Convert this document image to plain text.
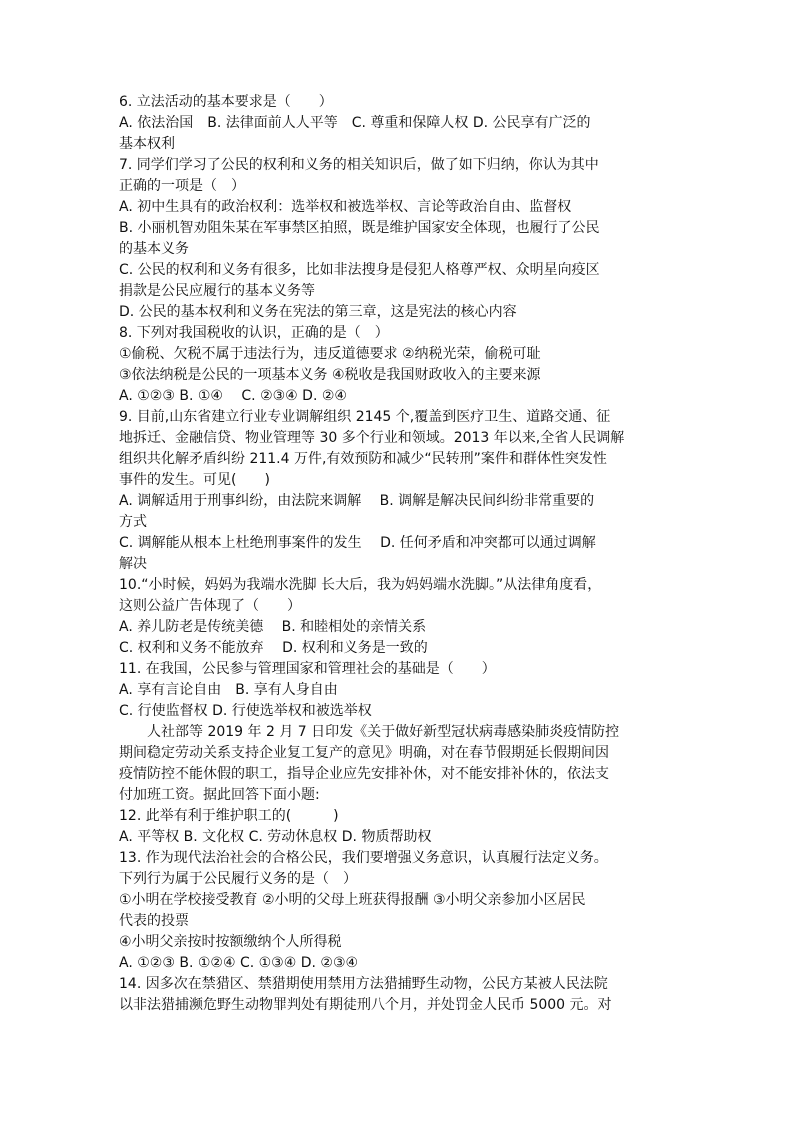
6. 立法活动的基本要求是（　　）
A. 依法治国　B. 法律面前人人平等　C. 尊重和保障人权 D. 公民享有广泛的
基本权利
7. 同学们学习了公民的权利和义务的相关知识后，做了如下归纳，你认为其中
正确的一项是（　）
A. 初中生具有的政治权利：选举权和被选举权、言论等政治自由、监督权
B. 小丽机智劝阻朱某在军事禁区拍照，既是维护国家安全体现，也履行了公民
的基本义务
C. 公民的权利和义务有很多，比如非法搜身是侵犯人格尊严权、众明星向疫区
捐款是公民应履行的基本义务等
D. 公民的基本权利和义务在宪法的第三章，这是宪法的核心内容
8. 下列对我国税收的认识，正确的是（　）
①偷税、欠税不属于违法行为，违反道德要求 ②纳税光荣，偷税可耻
③依法纳税是公民的一项基本义务 ④税收是我国财政收入的主要来源
A. ①②③ B. ①④　 C. ②③④ D. ②④
9. 目前,山东省建立行业专业调解组织 2145 个,覆盖到医疗卫生、道路交通、征
地拆迁、金融信贷、物业管理等 30 多个行业和领域。2013 年以来,全省人民调解
组织共化解矛盾纠纷 211.4 万件,有效预防和减少“民转刑”案件和群体性突发性
事件的发生。可见(　　)
A. 调解适用于刑事纠纷，由法院来调解　 B. 调解是解决民间纠纷非常重要的
方式
C. 调解能从根本上杜绝刑事案件的发生　 D. 任何矛盾和冲突都可以通过调解
解决
10.“小时候，妈妈为我端水洗脚 长大后，我为妈妈端水洗脚。”从法律角度看，
这则公益广告体现了（　　）
A. 养儿防老是传统美德　 B. 和睦相处的亲情关系
C. 权利和义务不能放弃　 D. 权利和义务是一致的
11. 在我国，公民参与管理国家和管理社会的基础是（　　）
A. 享有言论自由　B. 享有人身自由
C. 行使监督权 D. 行使选举权和被选举权
　　人社部等 2019 年 2 月 7 日印发《关于做好新型冠状病毒感染肺炎疫情防控
期间稳定劳动关系支持企业复工复产的意见》明确，对在春节假期延长假期间因
疫情防控不能休假的职工，指导企业应先安排补休，对不能安排补休的，依法支
付加班工资。据此回答下面小题:
12. 此举有利于维护职工的(　　　)
A. 平等权 B. 文化权 C. 劳动休息权 D. 物质帮助权
13. 作为现代法治社会的合格公民，我们要增强义务意识，认真履行法定义务。
下列行为属于公民履行义务的是（　）
①小明在学校接受教育 ②小明的父母上班获得报酬 ③小明父亲参加小区居民
代表的投票
④小明父亲按时按额缴纳个人所得税
A. ①②③ B. ①②④ C. ①③④ D. ②③④
14. 因多次在禁猎区、禁猎期使用禁用方法猎捕野生动物，公民方某被人民法院
以非法猎捕濒危野生动物罪判处有期徒刑八个月，并处罚金人民币 5000 元。对
